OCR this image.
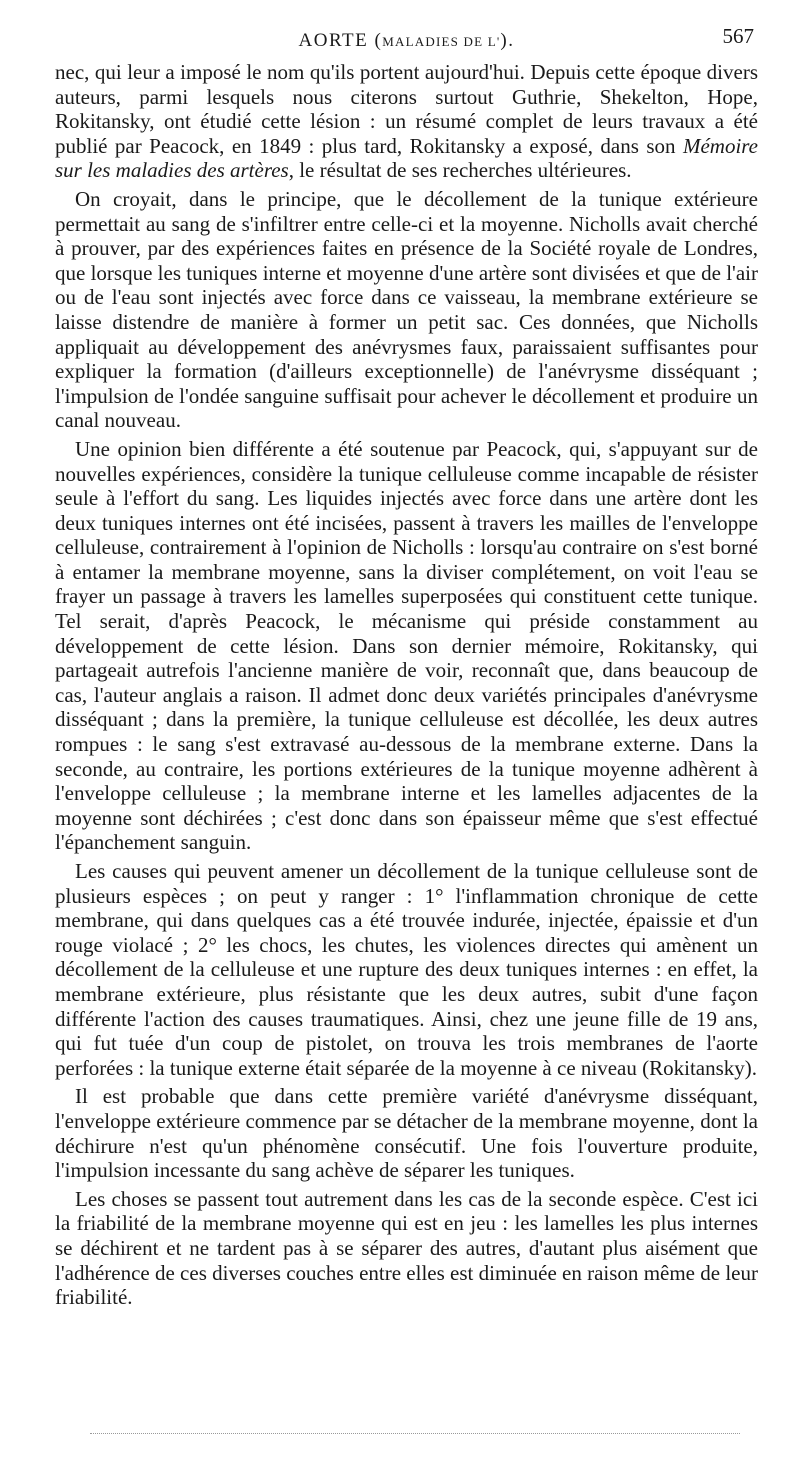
AORTE (MALADIES DE L').	567

nec, qui leur a imposé le nom qu'ils portent aujourd'hui. Depuis cette époque divers auteurs, parmi lesquels nous citerons surtout Guthrie, Shekelton, Hope, Rokitansky, ont étudié cette lésion : un résumé complet de leurs travaux a été publié par Peacock, en 1849 : plus tard, Rokitansky a exposé, dans son Mémoire sur les maladies des artères, le résultat de ses recherches ultérieures.

On croyait, dans le principe, que le décollement de la tunique extérieure permettait au sang de s'infiltrer entre celle-ci et la moyenne. Nicholls avait cherché à prouver, par des expériences faites en présence de la Société royale de Londres, que lorsque les tuniques interne et moyenne d'une artère sont divisées et que de l'air ou de l'eau sont injectés avec force dans ce vaisseau, la membrane extérieure se laisse distendre de manière à former un petit sac. Ces données, que Nicholls appliquait au développement des anévrysmes faux, paraissaient suffisantes pour expliquer la formation (d'ailleurs exceptionnelle) de l'anévrysme disséquant ; l'impulsion de l'ondée sanguine suffisait pour achever le décollement et produire un canal nouveau.

Une opinion bien différente a été soutenue par Peacock, qui, s'appuyant sur de nouvelles expériences, considère la tunique celluleuse comme incapable de résister seule à l'effort du sang. Les liquides injectés avec force dans une artère dont les deux tuniques internes ont été incisées, passent à travers les mailles de l'enveloppe celluleuse, contrairement à l'opinion de Nicholls : lorsqu'au contraire on s'est borné à entamer la membrane moyenne, sans la diviser complétement, on voit l'eau se frayer un passage à travers les lamelles superposées qui constituent cette tunique. Tel serait, d'après Peacock, le mécanisme qui préside constamment au développement de cette lésion. Dans son dernier mémoire, Rokitansky, qui partageait autrefois l'ancienne manière de voir, reconnaît que, dans beaucoup de cas, l'auteur anglais a raison. Il admet donc deux variétés principales d'anévrysme disséquant ; dans la première, la tunique celluleuse est décollée, les deux autres rompues : le sang s'est extravasé au-dessous de la membrane externe. Dans la seconde, au contraire, les portions extérieures de la tunique moyenne adhèrent à l'enveloppe celluleuse ; la membrane interne et les lamelles adjacentes de la moyenne sont déchirées ; c'est donc dans son épaisseur même que s'est effectué l'épanchement sanguin.

Les causes qui peuvent amener un décollement de la tunique celluleuse sont de plusieurs espèces ; on peut y ranger : 1° l'inflammation chronique de cette membrane, qui dans quelques cas a été trouvée indurée, injectée, épaissie et d'un rouge violacé ; 2° les chocs, les chutes, les violences directes qui amènent un décollement de la celluleuse et une rupture des deux tuniques internes : en effet, la membrane extérieure, plus résistante que les deux autres, subit d'une façon différente l'action des causes traumatiques. Ainsi, chez une jeune fille de 19 ans, qui fut tuée d'un coup de pistolet, on trouva les trois membranes de l'aorte perforées : la tunique externe était séparée de la moyenne à ce niveau (Rokitansky).

Il est probable que dans cette première variété d'anévrysme disséquant, l'enveloppe extérieure commence par se détacher de la membrane moyenne, dont la déchirure n'est qu'un phénomène consécutif. Une fois l'ouverture produite, l'impulsion incessante du sang achève de séparer les tuniques.

Les choses se passent tout autrement dans les cas de la seconde espèce. C'est ici la friabilité de la membrane moyenne qui est en jeu : les lamelles les plus internes se déchirent et ne tardent pas à se séparer des autres, d'autant plus aisément que l'adhérence de ces diverses couches entre elles est diminuée en raison même de leur friabilité.
